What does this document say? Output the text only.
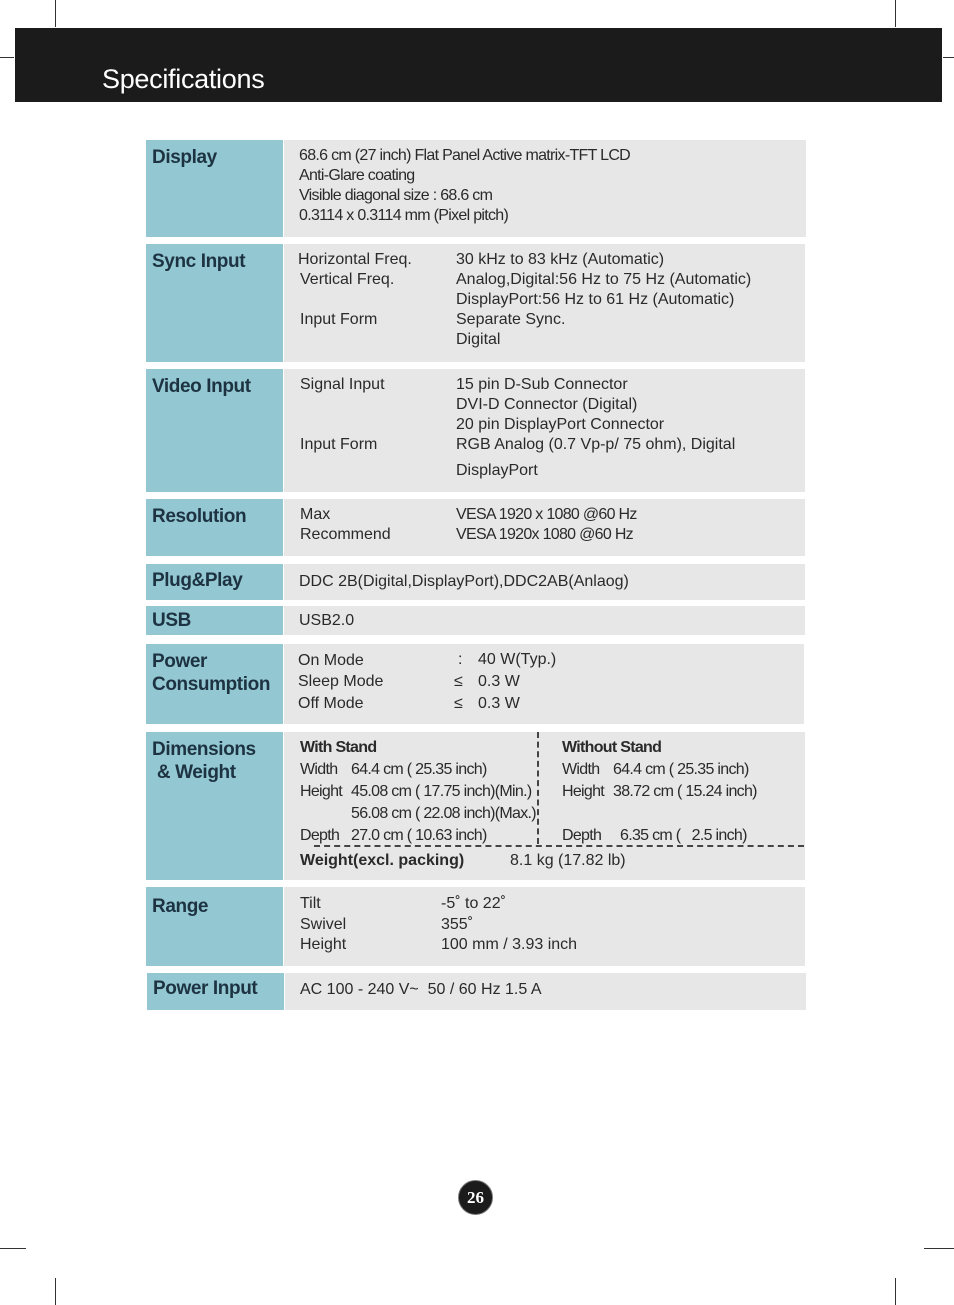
Specifications
Display	68.6 cm (27 inch) Flat Panel Active matrix-TFT LCD
Anti-Glare coating
Visible diagonal size : 68.6 cm
0.3114 x 0.3114 mm (Pixel pitch)
Sync Input	Horizontal Freq.	30 kHz to 83 kHz (Automatic)
Vertical Freq.	Analog,Digital:56 Hz to 75 Hz (Automatic)
DisplayPort:56 Hz to 61 Hz (Automatic)
Input Form	Separate Sync.
Digital
Video Input	Signal Input	15 pin D-Sub Connector
DVI-D Connector (Digital)
20 pin DisplayPort Connector
Input Form	RGB Analog (0.7 Vp-p/ 75 ohm), Digital
DisplayPort
Resolution	Max	VESA 1920 x 1080 @60 Hz
Recommend	VESA 1920x 1080 @60 Hz
Plug&Play	DDC 2B(Digital,DisplayPort),DDC2AB(Anlaog)
USB	USB2.0
Power
Consumption
On Mode	: 40 W(Typ.)
Sleep Mode	≤ 0.3 W
Off Mode	≤ 0.3 W
Dimensions
& Weight
With Stand
Width 64.4 cm ( 25.35 inch)
Height 45.08 cm ( 17.75 inch)(Min.)
56.08 cm ( 22.08 inch)(Max.)
Depth 27.0 cm ( 10.63 inch)
Without Stand
Width 64.4 cm ( 25.35 inch)
Height 38.72 cm ( 15.24 inch)
Depth 6.35 cm (   2.5 inch)
Weight(excl. packing)	8.1 kg (17.82 lb)
Range	Tilt	-5˚ to 22˚
Swivel	355˚
Height	100 mm / 3.93 inch
Power Input	AC 100 - 240 V~  50 / 60 Hz 1.5 A
26
